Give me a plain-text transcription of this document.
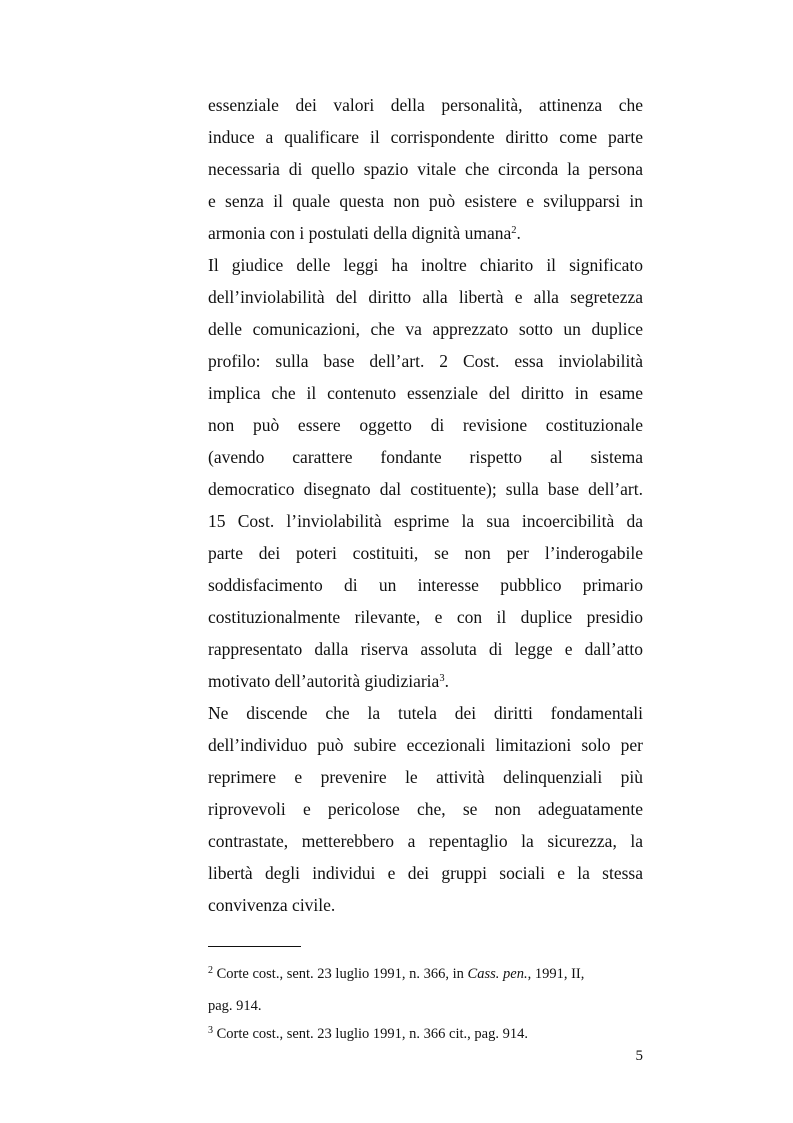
essenziale dei valori della personalità, attinenza che
induce a qualificare il corrispondente diritto come parte
necessaria di quello spazio vitale che circonda la persona
e senza il quale questa non può esistere e svilupparsi in
armonia con i postulati della dignità umana$^2$.
Il giudice delle leggi ha inoltre chiarito il significato
dell’inviolabilità del diritto alla libertà e alla segretezza
delle comunicazioni, che va apprezzato sotto un duplice
profilo: sulla base dell’art. 2 Cost. essa inviolabilità
implica che il contenuto essenziale del diritto in esame
non può essere oggetto di revisione costituzionale
(avendo carattere fondante rispetto al sistema
democratico disegnato dal costituente); sulla base dell’art.
15 Cost. l’inviolabilità esprime la sua incoercibilità da
parte dei poteri costituiti, se non per l’inderogabile
soddisfacimento di un interesse pubblico primario
costituzionalmente rilevante, e con il duplice presidio
rappresentato dalla riserva assoluta di legge e dall’atto
motivato dell’autorità giudiziaria$^3$.
Ne discende che la tutela dei diritti fondamentali
dell’individuo può subire eccezionali limitazioni solo per
reprimere e prevenire le attività delinquenziali più
riprovevoli e pericolose che, se non adeguatamente
contrastate, metterebbero a repentaglio la sicurezza, la
libertà degli individui e dei gruppi sociali e la stessa
convivenza civile.
$^2$ Corte cost., sent. 23 luglio 1991, n. 366, in Cass. pen., 1991, II,
pag. 914.
$^3$ Corte cost., sent. 23 luglio 1991, n. 366 cit., pag. 914.
5
